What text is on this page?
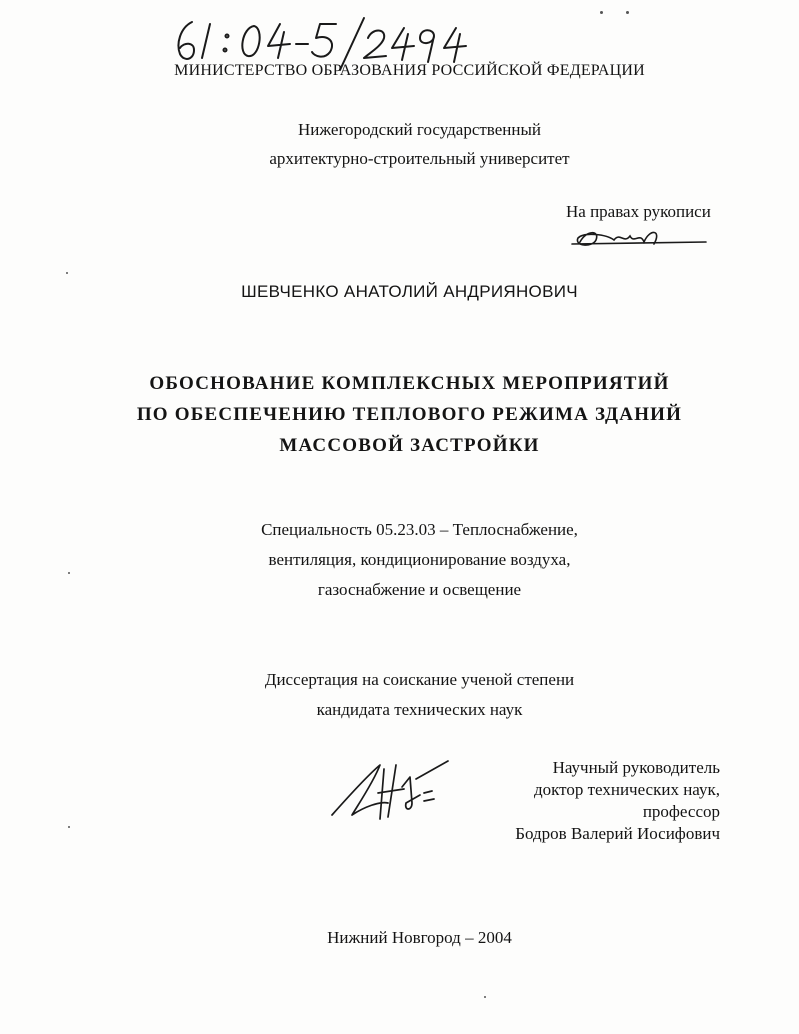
МИНИСТЕРСТВО ОБРАЗОВАНИЯ РОССИЙСКОЙ ФЕДЕРАЦИИ
Нижегородский государственный
архитектурно-строительный университет
На правах рукописи
ШЕВЧЕНКО АНАТОЛИЙ АНДРИЯНОВИЧ
ОБОСНОВАНИЕ КОМПЛЕКСНЫХ МЕРОПРИЯТИЙ
ПО ОБЕСПЕЧЕНИЮ ТЕПЛОВОГО РЕЖИМА ЗДАНИЙ
МАССОВОЙ ЗАСТРОЙКИ
Специальность 05.23.03 – Теплоснабжение,
вентиляция, кондиционирование воздуха,
газоснабжение и освещение
Диссертация на соискание ученой степени
кандидата технических наук
Научный руководитель
доктор технических наук,
профессор
Бодров Валерий Иосифович
Нижний Новгород – 2004
